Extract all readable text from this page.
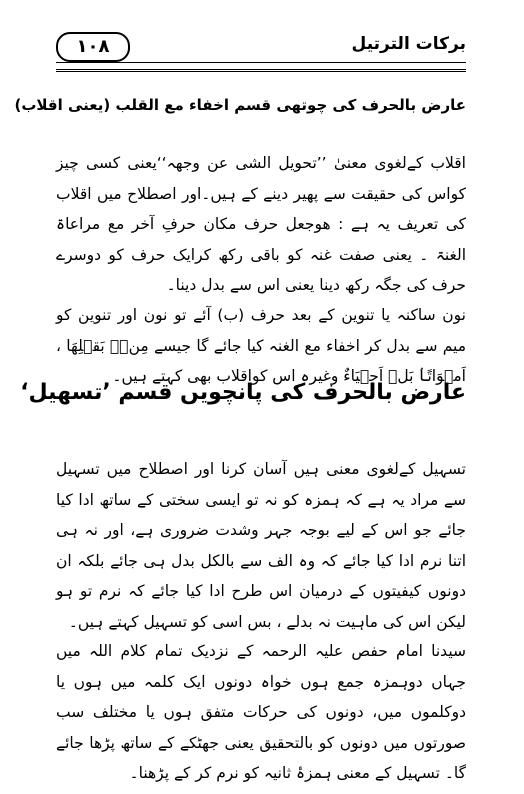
برکات الترتیل
۱۰۸
عارض بالحرف کی چوتھی قسم اخفاء مع القلب (یعنی اقلاب)
اقلاب کےلغوی معنیٰ ’’تحویل الشی عن وجھہ‘‘یعنی کسی چیز کواس کی حقیقت سے پھیر دینے کے ہیں۔اور اصطلاح میں اقلاب کی تعریف یہ ہے : ھوجعل حرف مکان حرفِ آخر مع مراعاۃ الغنۃ ۔ یعنی صفت غنہ کو باقی رکھ کرایک حرف کو دوسرے حرف کی جگہ رکھ دینا یعنی اس سے بدل دینا۔
نون ساکنہ یا تنوین کے بعد حرف (ب) آئے تو نون اور تنوین کو میم سے بدل کر اخفاء مع الغنہ کیا جائے گا جیسے مِنۡۢ بَقۡلِهَا ، اَمۡوَاتًاۢ بَلۡ اَحۡيَاءٌ وغیرہ اس کواقلاب بھی کہتے ہیں۔
عارض بالحرف کی پانچویں قسم ’تسھیل‘
تسہیل کےلغوی معنی ہیں آسان کرنا اور اصطلاح میں تسہیل سے مراد یہ ہے کہ ہمزہ کو نہ تو ایسی سختی کے ساتھ ادا کیا جائے جو اس کے لیے بوجہ جہر وشدت ضروری ہے، اور نہ ہی اتنا نرم ادا کیا جائے کہ وہ الف سے بالکل بدل ہی جائے بلکہ ان دونوں کیفیتوں کے درمیان اس طرح ادا کیا جائے کہ نرم تو ہو لیکن اس کی ماہیت نہ بدلے ، بس اسی کو تسہیل کہتے ہیں۔
سیدنا امام حفص علیہ الرحمہ کے نزدیک تمام کلام اللہ میں جہاں دوہمزہ جمع ہوں خواہ دونوں ایک کلمہ میں ہوں یا دوکلموں میں، دونوں کی حرکات متفق ہوں یا مختلف سب صورتوں میں دونوں کو بالتحقیق یعنی جھٹکے کے ساتھ پڑھا جائے گا۔ تسہیل کے معنی ہمزۂ ثانیہ کو نرم کر کے پڑھنا۔
